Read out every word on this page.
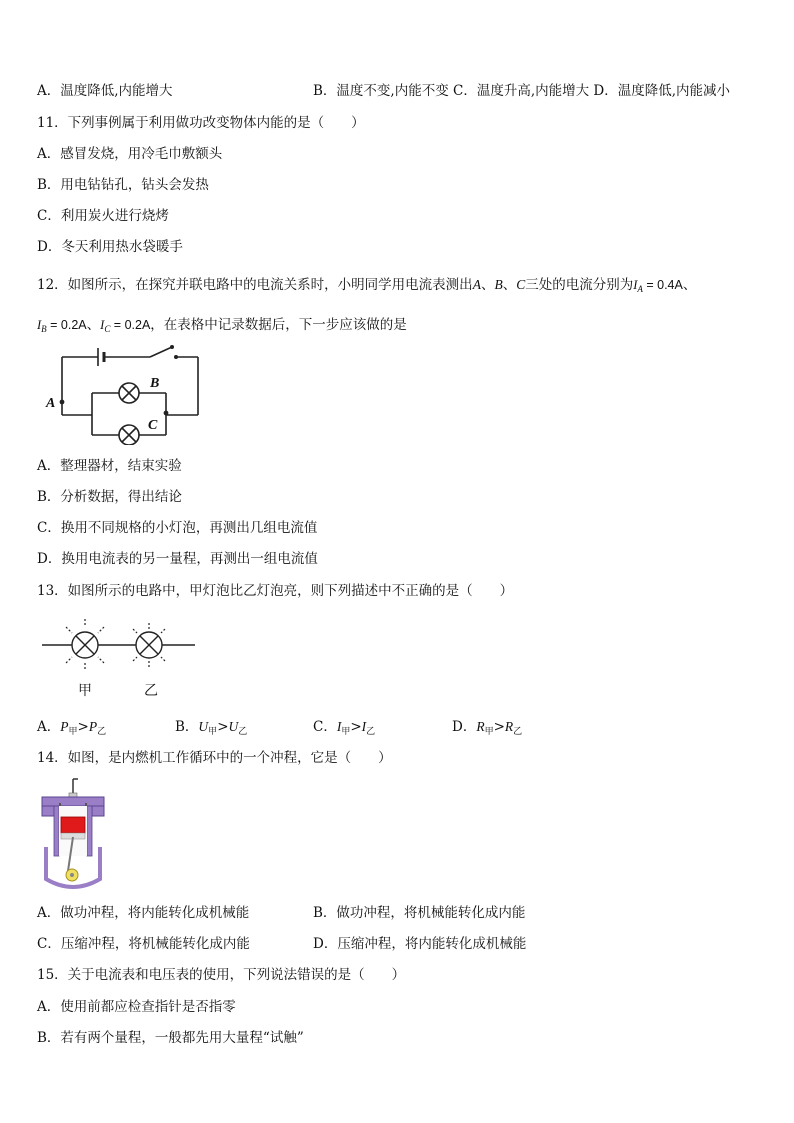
A．温度降低,内能增大	B．温度不变,内能不变 C．温度升高,内能增大 D．温度降低,内能减小
11．下列事例属于利用做功改变物体内能的是（　　）
A．感冒发烧，用冷毛巾敷额头
B．用电钻钻孔，钻头会发热
C．利用炭火进行烧烤
D．冬天利用热水袋暖手
12．如图所示，在探究并联电路中的电流关系时，小明同学用电流表测出A、B、C三处的电流分别为$I_A = 0.4A$、
$I_B = 0.2A$、$I_C = 0.2A$，在表格中记录数据后，下一步应该做的是
A
B
C
A．整理器材，结束实验
B．分析数据，得出结论
C．换用不同规格的小灯泡，再测出几组电流值
D．换用电流表的另一量程，再测出一组电流值
13．如图所示的电路中，甲灯泡比乙灯泡亮，则下列描述中不正确的是（　　）
甲	乙
A．$P_甲>P_乙$	B．$U_甲>U_乙$	C．$I_甲>I_乙$	D．$R_甲>R_乙$
14．如图，是内燃机工作循环中的一个冲程，它是（　　）
A．做功冲程，将内能转化成机械能	B．做功冲程，将机械能转化成内能
C．压缩冲程，将机械能转化成内能	D．压缩冲程，将内能转化成机械能
15．关于电流表和电压表的使用，下列说法错误的是（　　）
A．使用前都应检查指针是否指零
B．若有两个量程，一般都先用大量程“试触”
